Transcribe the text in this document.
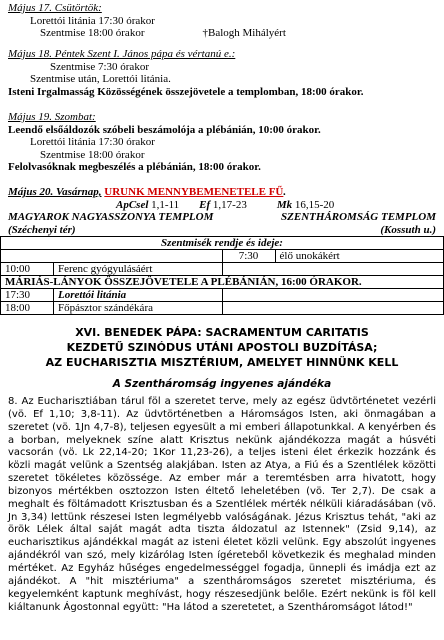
Május 17. Csütörtök:
Lorettói litánia 17:30 órakor
Szentmise 18:00 órakor	†Balogh Mihályért
Május 18. Péntek Szent I. János pápa és vértanú e.:
Szentmise 7:30 órakor
Szentmise után, Lorettói litánia.
Isteni Irgalmasság Közösségének összejövetele a templomban, 18:00 órakor.
Május 19. Szombat:
Leendő elsőáldozók szóbeli beszámolója a plébánián, 10:00 órakor.
Lorettói litánia 17:30 órakor
Szentmise 18:00 órakor
Felolvasóknak megbeszélés a plébánián, 18:00 órakor.
Május 20. Vasárnap, URUNK MENNYBEMENETELE FŰ.
ApCsel 1,1-11 Ef 1,17-23	Mk 16,15-20
MAGYAROK NAGYASSZONYA TEMPLOM	SZENTHÁROMSÁG TEMPLOM
(Széchenyi tér)	(Kossuth u.)
Szentmisék rendje és ideje:

7:30	élő unokákért

10:00	Ferenc gyógyulásáért	
MÁRIÁS-LÁNYOK ÖSSZEJÖVETELE A PLÉBÁNIÁN, 16:00 ÓRAKOR.
17:30	Lorettói litánia	
18:00	Főpásztor szándékára	
XVI. BENEDEK PÁPA: SACRAMENTUM CARITATIS
KEZDETŰ SZINÓDUS UTÁNI APOSTOLI BUZDÍTÁSA;
AZ EUCHARISZTIA MISZTÉRIUM, AMELYET HINNÜNK KELL
A Szentháromság ingyenes ajándéka
8. Az Eucharisztiában tárul föl a szeretet terve, mely az egész üdvtörténetet vezérli (vö. Ef 1,10; 3,8-11). Az üdvtörténetben a Háromságos Isten, aki önmagában a szeretet (vö. 1Jn 4,7-8), teljesen egyesült a mi emberi állapotunkkal. A kenyérben és a borban, melyeknek színe alatt Krisztus nekünk ajándékozza magát a húsvéti vacsorán (vö. Lk 22,14-20; 1Kor 11,23-26), a teljes isteni élet érkezik hozzánk és közli magát velünk a Szentség alakjában. Isten az Atya, a Fiú és a Szentlélek közötti szeretet tökéletes közössége. Az ember már a teremtésben arra hivatott, hogy bizonyos mértékben osztozzon Isten éltető leheletében (vö. Ter 2,7). De csak a meghalt és föltámadott Krisztusban és a Szentlélek mérték nélküli kiáradásában (vö. Jn 3,34) lettünk részesei Isten legmélyebb valóságának. Jézus Krisztus tehát, "aki az örök Lélek által saját magát adta tiszta áldozatul az Istennek" (Zsid 9,14), az eucharisztikus ajándékkal magát az isteni életet közli velünk. Egy abszolút ingyenes ajándékról van szó, mely kizárólag Isten ígéreteből következik és meghalad minden mértéket. Az Egyház hűséges engedelmességgel fogadja, ünnepli és imádja ezt az ajándékot. A "hit misztériuma" a szentháromságos szeretet misztériuma, és kegyelemként kaptunk meghívást, hogy részesedjünk belőle. Ezért nekünk is föl kell kiáltanunk Ágostonnal együtt: "Ha látod a szeretetet, a Szentháromságot látod!"
